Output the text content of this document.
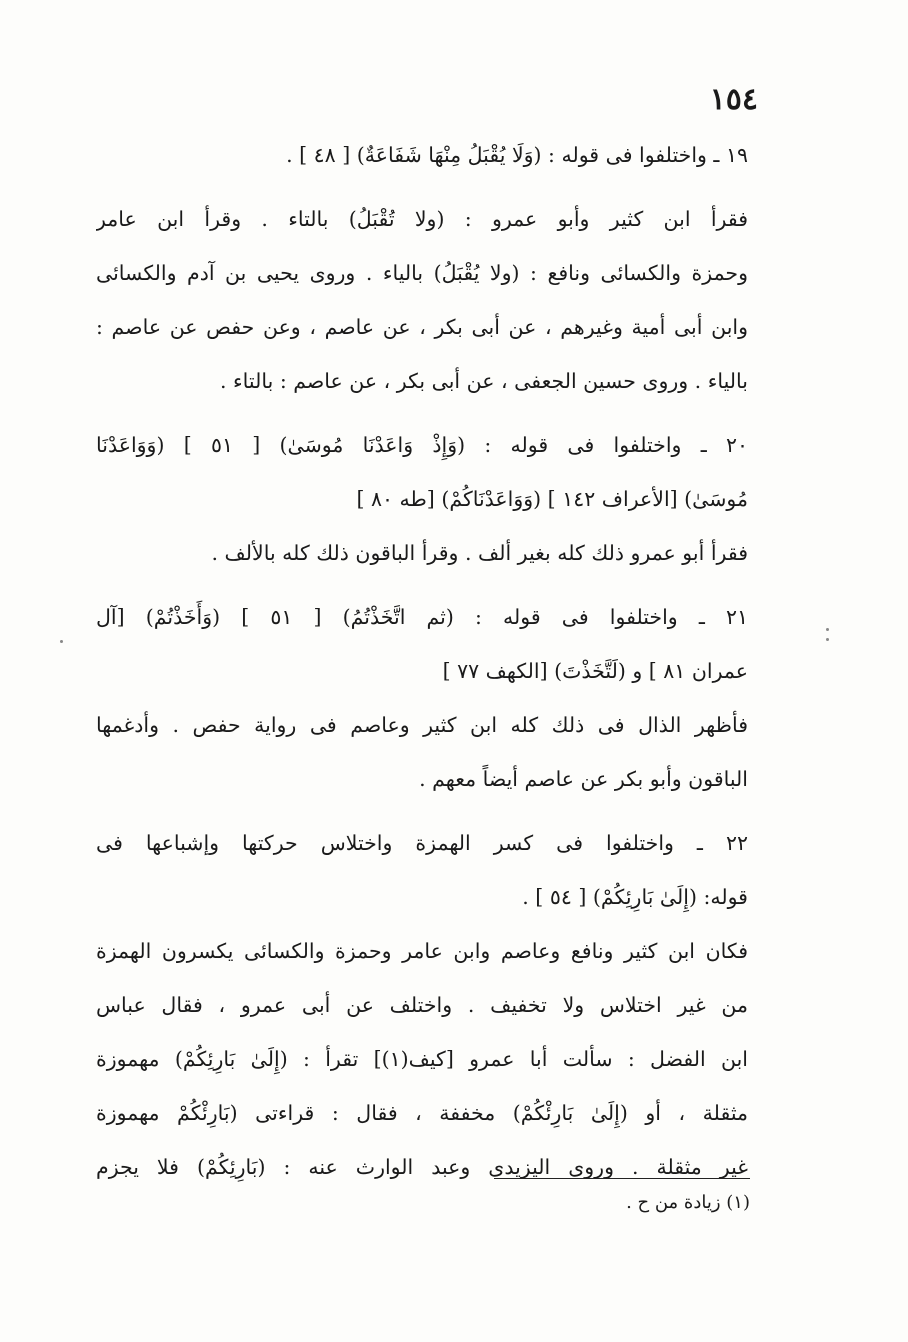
١٥٤
١٩ ـ واختلفوا فى قوله : (وَلَا يُقْبَلُ مِنْهَا شَفَاعَةٌ) [ ٤٨ ] .
فقرأ ابن كثير وأبو عمرو : (ولا تُقْبَلُ) بالتاء . وقرأ ابن عامر
وحمزة والكسائى ونافع : (ولا يُقْبَلُ) بالياء . وروى يحيى بن آدم والكسائى
وابن أبى أمية وغيرهم ، عن أبى بكر ، عن عاصم ، وعن حفص عن عاصم :
بالياء . وروى حسين الجعفى ، عن أبى بكر ، عن عاصم : بالتاء .
٢٠ ـ واختلفوا فى قوله : (وَإِذْ وَاعَدْنَا مُوسَىٰ) [ ٥١ ] (وَوَاعَدْنَا
مُوسَىٰ) [الأعراف ١٤٢ ] (وَوَاعَدْنَاكُمْ) [طه ٨٠ ]
فقرأ أبو عمرو ذلك كله بغير ألف . وقرأ الباقون ذلك كله بالألف .
٢١ ـ واختلفوا فى قوله : (ثم اتَّخَذْتُمُ) [ ٥١ ] (وَأَخَذْتُمْ) [آل
عمران ٨١ ] و (لَتَّخَذْتَ) [الكهف ٧٧ ]
فأظهر الذال فى ذلك كله ابن كثير وعاصم فى رواية حفص . وأدغمها
الباقون وأبو بكر عن عاصم أيضاً معهم .
٢٢ ـ واختلفوا فى كسر الهمزة واختلاس حركتها وإشباعها فى
قوله: (إِلَىٰ بَارِئِكُمْ) [ ٥٤ ] .
فكان ابن كثير ونافع وعاصم وابن عامر وحمزة والكسائى يكسرون الهمزة
من غير اختلاس ولا تخفيف . واختلف عن أبى عمرو ، فقال عباس
ابن الفضل : سألت أبا عمرو [كيف(١)] تقرأ : (إِلَىٰ بَارِئِكُمْ) مهموزة
مثقلة ، أو (إِلَىٰ بَارِئْكُمْ) مخففة ، فقال : قراءتى (بَارِئْكُمْ مهموزة
غير مثقلة . وروى اليزيدى وعبد الوارث عنه : (بَارِئِكُمْ) فلا يجزم
(١) زيادة من ح .
